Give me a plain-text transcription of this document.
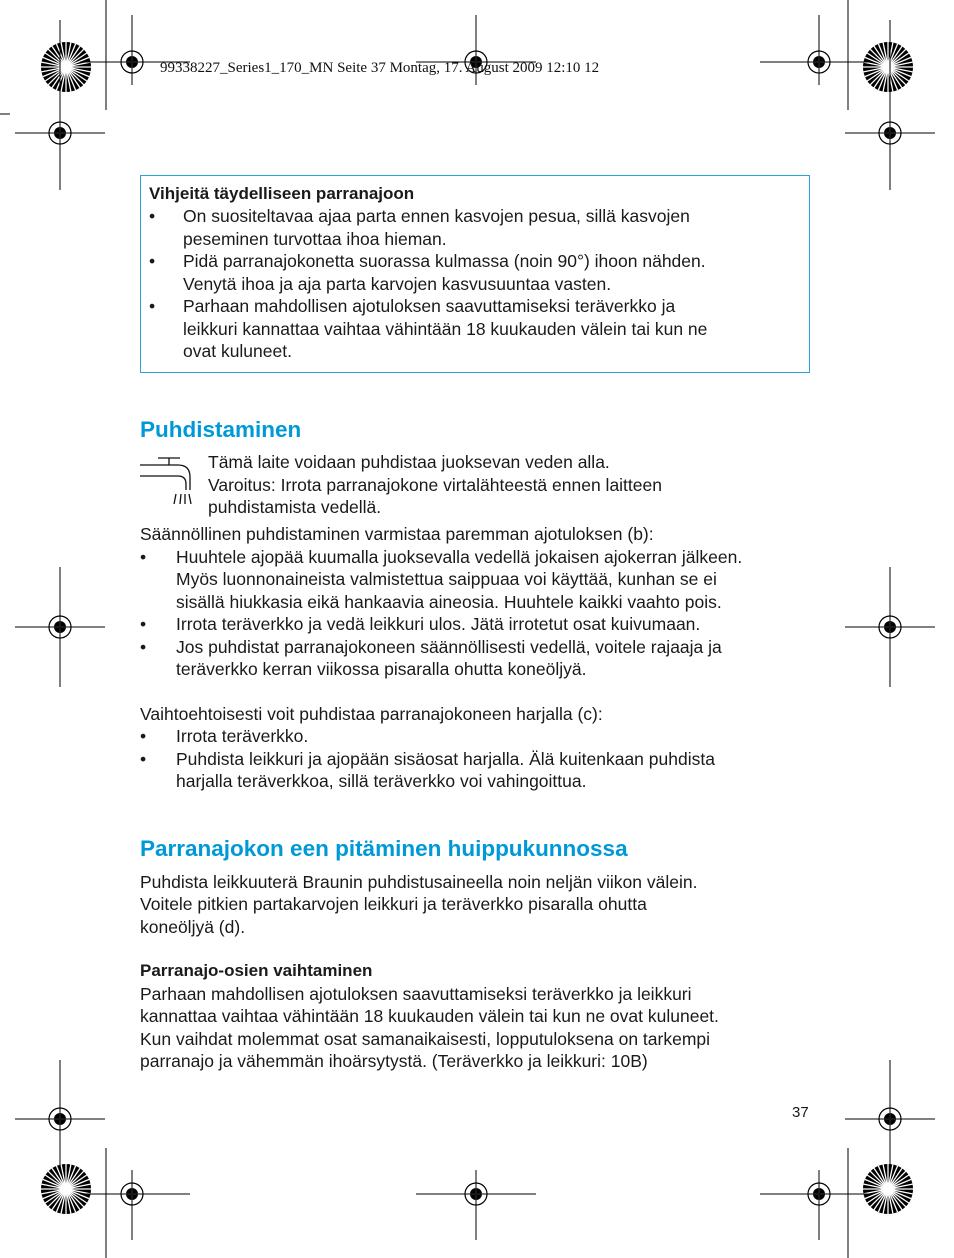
99338227_Series1_170_MN Seite 37 Montag, 17. August 2009 12:10 12
Vihjeitä täydelliseen parranajoon
• On suositeltavaa ajaa parta ennen kasvojen pesua, sillä kasvojen
peseminen turvottaa ihoa hieman.
• Pidä parranajokonetta suorassa kulmassa (noin 90°) ihoon nähden.
Venytä ihoa ja aja parta karvojen kasvusuuntaa vasten.
• Parhaan mahdollisen ajotuloksen saavuttamiseksi teräverkko ja
leikkuri kannattaa vaihtaa vähintään 18 kuukauden välein tai kun ne
ovat kuluneet.
Puhdistaminen

Tämä laite voidaan puhdistaa juoksevan veden alla.
Varoitus: Irrota parranajokone virtalähteestä ennen laitteen
puhdistamista vedellä.

Säännöllinen puhdistaminen varmistaa paremman ajotuloksen (b):

• Huuhtele ajopää kuumalla juoksevalla vedellä jokaisen ajokerran jälkeen.
Myös luonnonaineista valmistettua saippuaa voi käyttää, kunhan se ei
sisällä hiukkasia eikä hankaavia aineosia. Huuhtele kaikki vaahto pois.
• Irrota teräverkko ja vedä leikkuri ulos. Jätä irrotetut osat kuivumaan.
• Jos puhdistat parranajokoneen säännöllisesti vedellä, voitele rajaaja ja
teräverkko kerran viikossa pisaralla ohutta koneöljyä.

Vaihtoehtoisesti voit puhdistaa parranajokoneen harjalla (c):

• Irrota teräverkko.
• Puhdista leikkuri ja ajopään sisäosat harjalla. Älä kuitenkaan puhdista
harjalla teräverkkoa, sillä teräverkko voi vahingoittua.
Parranajokon een pitäminen huippukunnossa

Puhdista leikkuuterä Braunin puhdistusaineella noin neljän viikon välein.
Voitele pitkien partakarvojen leikkuri ja teräverkko pisaralla ohutta
koneöljyä (d).

Parranajo-osien vaihtaminen

Parhaan mahdollisen ajotuloksen saavuttamiseksi teräverkko ja leikkuri
kannattaa vaihtaa vähintään 18 kuukauden välein tai kun ne ovat kuluneet.
Kun vaihdat molemmat osat samanaikaisesti, lopputuloksena on tarkempi
parranajo ja vähemmän ihoärsytystä. (Teräverkko ja leikkuri: 10B)

37
